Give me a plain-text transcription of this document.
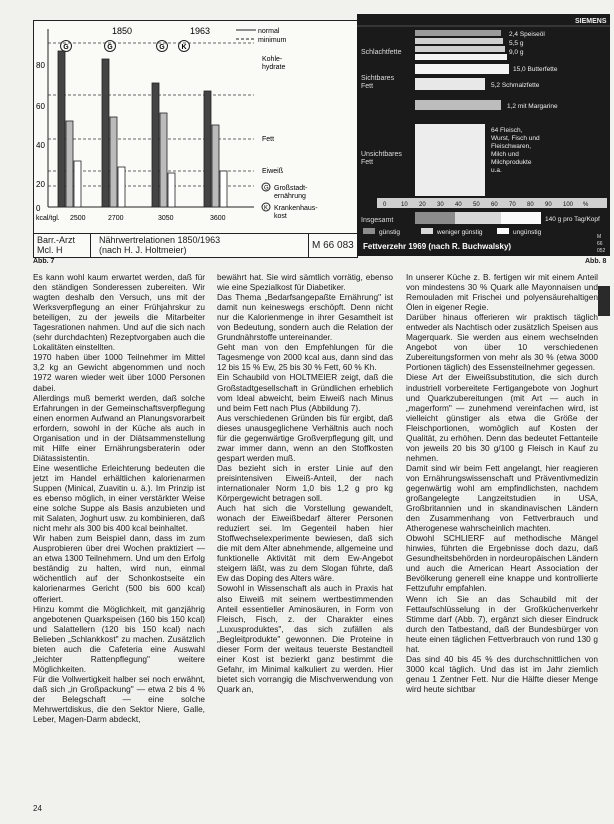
1850	1963
G	G	G K
80
60
40
20
0
normal
minimum
Kohle-
hydrate
Fett
Eiweiß
G Großstadt-
ernährung
K Krankenhaus-
kost
kcal/tgl. 2500	2700	3050	3600
Barr.-Arzt
Mcl. H
Nährwertrelationen 1850/1963
(nach H. J. Holtmeier)	M 66 083
Abb. 7
SIEMENS
Schlachtfette
Sichtbares
Fett
Unsichtbares
Fett
Insgesamt
2,4 Speiseöl
5,5 g
9,0 g
15,0 Butterfette
5,2 Schmalzfette
1,2 mit Margarine
64 Fleisch,
Wurst, Fisch und
Fleischwaren,
Milch und
Milchprodukte
u.a.
0 10 20 30 40 50 60 70 80 90 100 %
140 g pro Tag/Kopf
günstig	weniger günstig	ungünstig
Fettverzehr 1969 (nach R. Buchwalsky)
M
66
052
Abb. 8

Es kann wohl kaum erwartet werden, daß für den ständigen Sonderessen zubereiten. Wir wagten deshalb den Versuch, uns mit der Werksverpflegung an einer Frühjahrskur zu beteiligen, zu der jeweils die Mitarbeiter Tagesrationen nahmen. Und auf die sich nach (sehr durchdachten) Rezeptvorgaben auch die Lokalitäten einstellten.

1970 haben über 1000 Teilnehmer im Mittel 3,2 kg an Gewicht abgenommen und noch 1972 waren wieder weit über 1000 Personen dabei.

Allerdings muß bemerkt werden, daß solche Erfahrungen in der Gemeinschaftsverpflegung einen enormen Aufwand an Planungsvorarbeit erfordern, sowohl in der Küche als auch in Organisation und in der Diätsammenstellung mit Hilfe einer Ernährungsberaterin oder Diätassistentin.

Eine wesentliche Erleichterung bedeuten die jetzt im Handel erhältlichen kalorienarmen Suppen (Minical, Zuavitin u. ä.). Im Prinzip ist es ebenso möglich, in einer verstärkter Weise eine solche Suppe als Basis anzubieten und mit Salaten, Joghurt usw. zu kombinieren, daß nicht mehr als 300 bis 400 kcal beinhaltet.

Wir haben zum Beispiel dann, dass im zum Ausprobieren über drei Wochen praktiziert — an etwa 1300 Teilnehmern. Und um den Erfolg beständig zu halten, wird nun, einmal wöchentlich auf der Schonkostseite ein kalorienarmes Gericht (500 bis 600 kcal) offeriert.

Hinzu kommt die Möglichkeit, mit ganzjährig angebotenen Quarkspeisen (160 bis 150 kcal) und Salattellern (120 bis 150 kcal) nach Belieben „Schlankkost" zu machen. Zusätzlich bieten auch die Cafeteria eine Auswahl „leichter Rattenpflegung" weitere Möglichkeiten.

Für die Vollwertigkeit halber sei noch erwähnt, daß sich „in Großpackung" — etwa 2 bis 4 % der Belegschaft — eine solche Mehrwertdiskus, die den Sektor Niere, Galle, Leber, Magen-Darm abdeckt,

bewährt hat. Sie wird sämtlich vorrätig, ebenso wie eine Spezialkost für Diabetiker.

Das Thema „Bedarfsangepaßte Ernährung" ist damit nun keineswegs erschöpft. Denn nicht nur die Kalorienmenge in ihrer Gesamtheit ist von Bedeutung, sondern auch die Relation der Grundnährstoffe untereinander.

Geht man von den Empfehlungen für die Tagesmenge von 2000 kcal aus, dann sind das 12 bis 15 % Ew, 25 bis 30 % Fett, 60 % Kh.

Ein Schaubild von HOLTMEIER zeigt, daß die Großstadtgesellschaft in Gründlichen erheblich vom Ideal abweicht, beim Eiweiß nach Minus und beim Fett nach Plus (Abbildung 7).

Aus verschiedenen Gründen bis für ergibt, daß dieses unausgeglichene Verhältnis auch noch für die gegenwärtige Großverpflegung gilt, und zwar immer dann, wenn an den Stoffkosten gespart werden muß.

Das bezieht sich in erster Linie auf den preisintensiven Eiweiß-Anteil, der nach internationaler Norm 1,0 bis 1,2 g pro kg Körpergewicht betragen soll.

Auch hat sich die Vorstellung gewandelt, wonach der Eiweißbedarf älterer Personen reduziert sei. Im Gegenteil haben hier Stoffwechselexperimente bewiesen, daß sich die mit dem Alter abnehmende, allgemeine und funktionelle Aktivität mit dem Ew-Angebot steigern läßt, was zu dem Slogan führte, daß Ew das Doping des Alters wäre.

Sowohl in Wissenschaft als auch in Praxis hat also Eiweiß mit seinem wertbestimmenden Anteil essentieller Aminosäuren, in Form von Fleisch, Fisch, z. der Charakter eines „Luxusproduktes", das sich zufällen als „Begleitprodukte" gewonnen. Die Proteine in dieser Form der weitaus teuerste Bestandteil einer Kost ist bezierkt ganz bestimmt die Gefahr, im Minimal kalkuliert zu werden. Hier bietet sich vorrangig die Mischverwendung von Quark an,

In unserer Küche z. B. fertigen wir mit einem Anteil von mindestens 30 % Quark alle Mayonnaisen und Remouladen mit Frischei und polyensäurehaltigen Ölen in eigener Regie.

Darüber hinaus offerieren wir praktisch täglich entweder als Nachtisch oder zusätzlich Speisen aus Magerquark. Sie werden aus einem wechselnden Angebot von über 10 verschiedenen Zubereitungsformen von mehr als 30 % (etwa 3000 Portionen täglich) des Essensteilnehmer gegessen.

Diese Art der Eiweißsubstitution, die sich durch industriell vorbereitete Fertigangebote von Joghurt und Quarkzubereitungen (mit Art — auch in „magerform" — zunehmend vereinfachen wird, ist vielleicht günstiger als etwa die Größe der Fleischportionen, womöglich auf Kosten der Qualität, zu erhöhen. Denn das bedeutet Fettanteile von jeweils 20 bis 30 g/100 g Fleisch in Kauf zu nehmen.

Damit sind wir beim Fett angelangt, hier reagieren von Ernährungswissenschaft und Präventivmedizin gegenwärtig wohl am empfindlichsten, nachdem großangelegte Langzeitstudien in USA, Großbritannien und in skandinavischen Ländern den Zusammenhang von Fettverbrauch und Atherogenese wahrscheinlich machten.

Obwohl SCHLIERF auf methodische Mängel hinwies, führten die Ergebnisse doch dazu, daß Gesundheitsbehörden in nordeuropäischen Ländern und auch die American Heart Association der Bevölkerung generell eine knappe und kontrollierte Fettzufuhr empfahlen.

Wenn ich Sie an das Schaubild mit der Fettaufschlüsselung in der Großküchenverkehr Stimme darf (Abb. 7), ergänzt sich dieser Eindruck durch den Tatbestand, daß der Bundesbürger von heute einen täglichen Fettverbrauch von rund 130 g hat.

Das sind 40 bis 45 % des durchschnittlichen von 3000 kcal täglich. Und das ist im Jahr ziemlich genau 1 Zentner Fett. Nur die Hälfte dieser Menge wird heute sichtbar

24
